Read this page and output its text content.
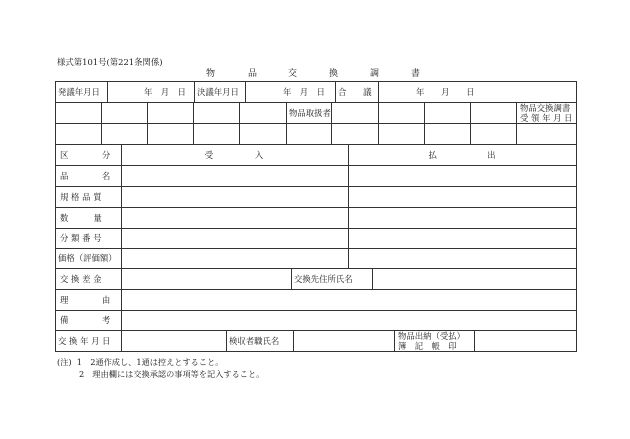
様式第101号(第221条関係)
物	品	交	換	調	書
発議年月日	年　月　日 決議年月日	年　月　日 合　　議	年　　月　　日
物品取扱者	物品交換調書
受 領 年 月 日
区　　　　分	受　　　　　入	払　　　　　　出
品　　　　名
規 格 品 質
数　　　量
分 類 番 号
価格（評価額）
交 換 差 金	交換先住所氏名
理　　　　由
備　　　　考
交 換 年 月 日	検収者職氏名	物品出納（受払）
簿　記　帳　印
(注) 1　2通作成し、1通は控えとすること。
2　理由欄には交換承認の事項等を記入すること。
